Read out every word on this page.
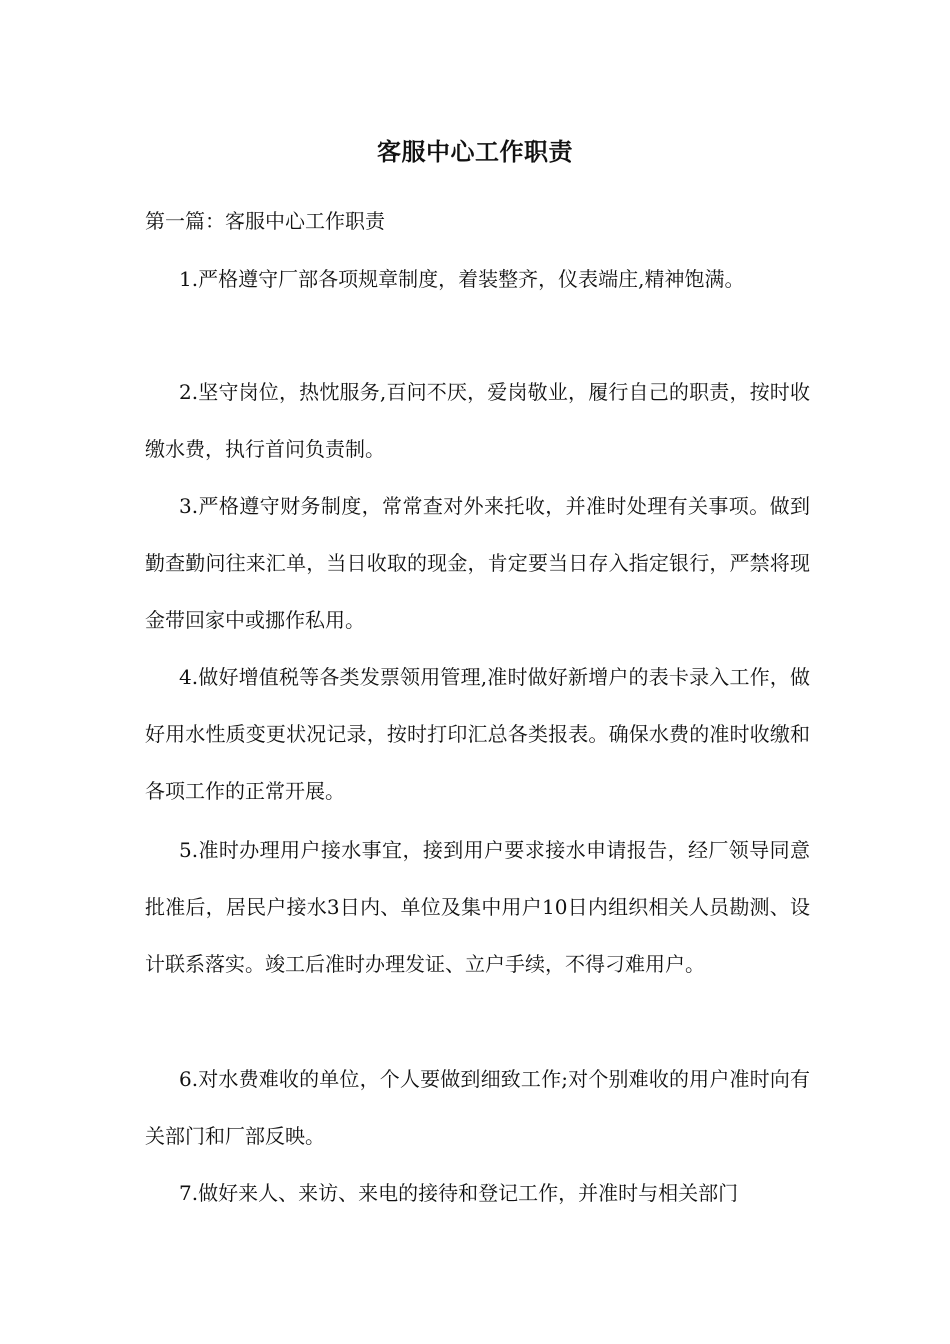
客服中心工作职责
第一篇：客服中心工作职责

1.严格遵守厂部各项规章制度，着装整齐，仪表端庄,精神饱满。

2.坚守岗位，热忱服务,百问不厌，爱岗敬业，履行自己的职责，按时收缴水费，执行首问负责制。

3.严格遵守财务制度，常常查对外来托收，并准时处理有关事项。做到勤查勤问往来汇单，当日收取的现金，肯定要当日存入指定银行，严禁将现金带回家中或挪作私用。

4.做好增值税等各类发票领用管理,准时做好新增户的表卡录入工作，做好用水性质变更状况记录，按时打印汇总各类报表。确保水费的准时收缴和各项工作的正常开展。

5.准时办理用户接水事宜，接到用户要求接水申请报告，经厂领导同意批准后，居民户接水3日内、单位及集中用户10日内组织相关人员勘测、设计联系落实。竣工后准时办理发证、立户手续，不得刁难用户。

6.对水费难收的单位，个人要做到细致工作;对个别难收的用户准时向有关部门和厂部反映。

7.做好来人、来访、来电的接待和登记工作，并准时与相关部门
